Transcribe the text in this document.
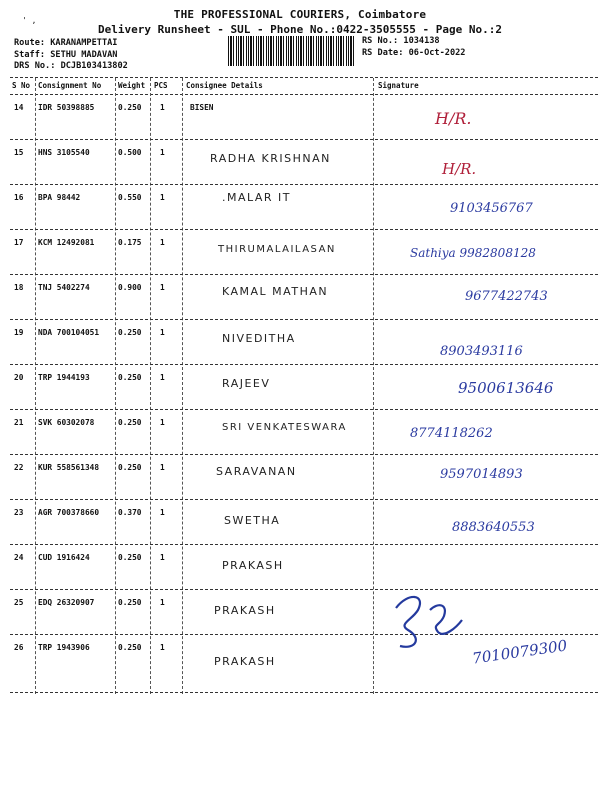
' ,	THE PROFESSIONAL COURIERS, Coimbatore
Delivery Runsheet - SUL - Phone No.:0422-3505555 - Page No.:2
Route: KARANAMPETTAI
Staff: SETHU MADAVAN
DRS No.: DCJB103413802
RS No.: 1034138
RS Date: 06-Oct-2022
S No Consignment No Weight PCS Consignee Details	Signature
14 IDR 50398885	0.250 1	BISEN
H/R.
15 HNS 3105540	0.500 1	RADHA KRISHNAN
H/R.
16 BPA 98442	0.550 1	.MALAR IT
9103456767
17 KCM 12492081	0.175 1
THIRUMALAILASAN	Sathiya 9982808128
18 TNJ 5402274	0.900 1	KAMAL MATHAN	9677422743
19 NDA 700104051 0.250 1	NIVEDITHA
8903493116
20 TRP 1944193	0.250 1	RAJEEV	9500613646
21 SVK 60302078	0.250 1	SRI VENKATESWARA	8774118262
22 KUR 558561348 0.250 1	SARAVANAN	9597014893
23 AGR 700378660 0.370 1
SWETHA	8883640553
24 CUD 1916424	0.250 1
PRAKASH
25 EDQ 26320907	0.250 1
PRAKASH
26 TRP 1943906	0.250 1
PRAKASH	7010079300
